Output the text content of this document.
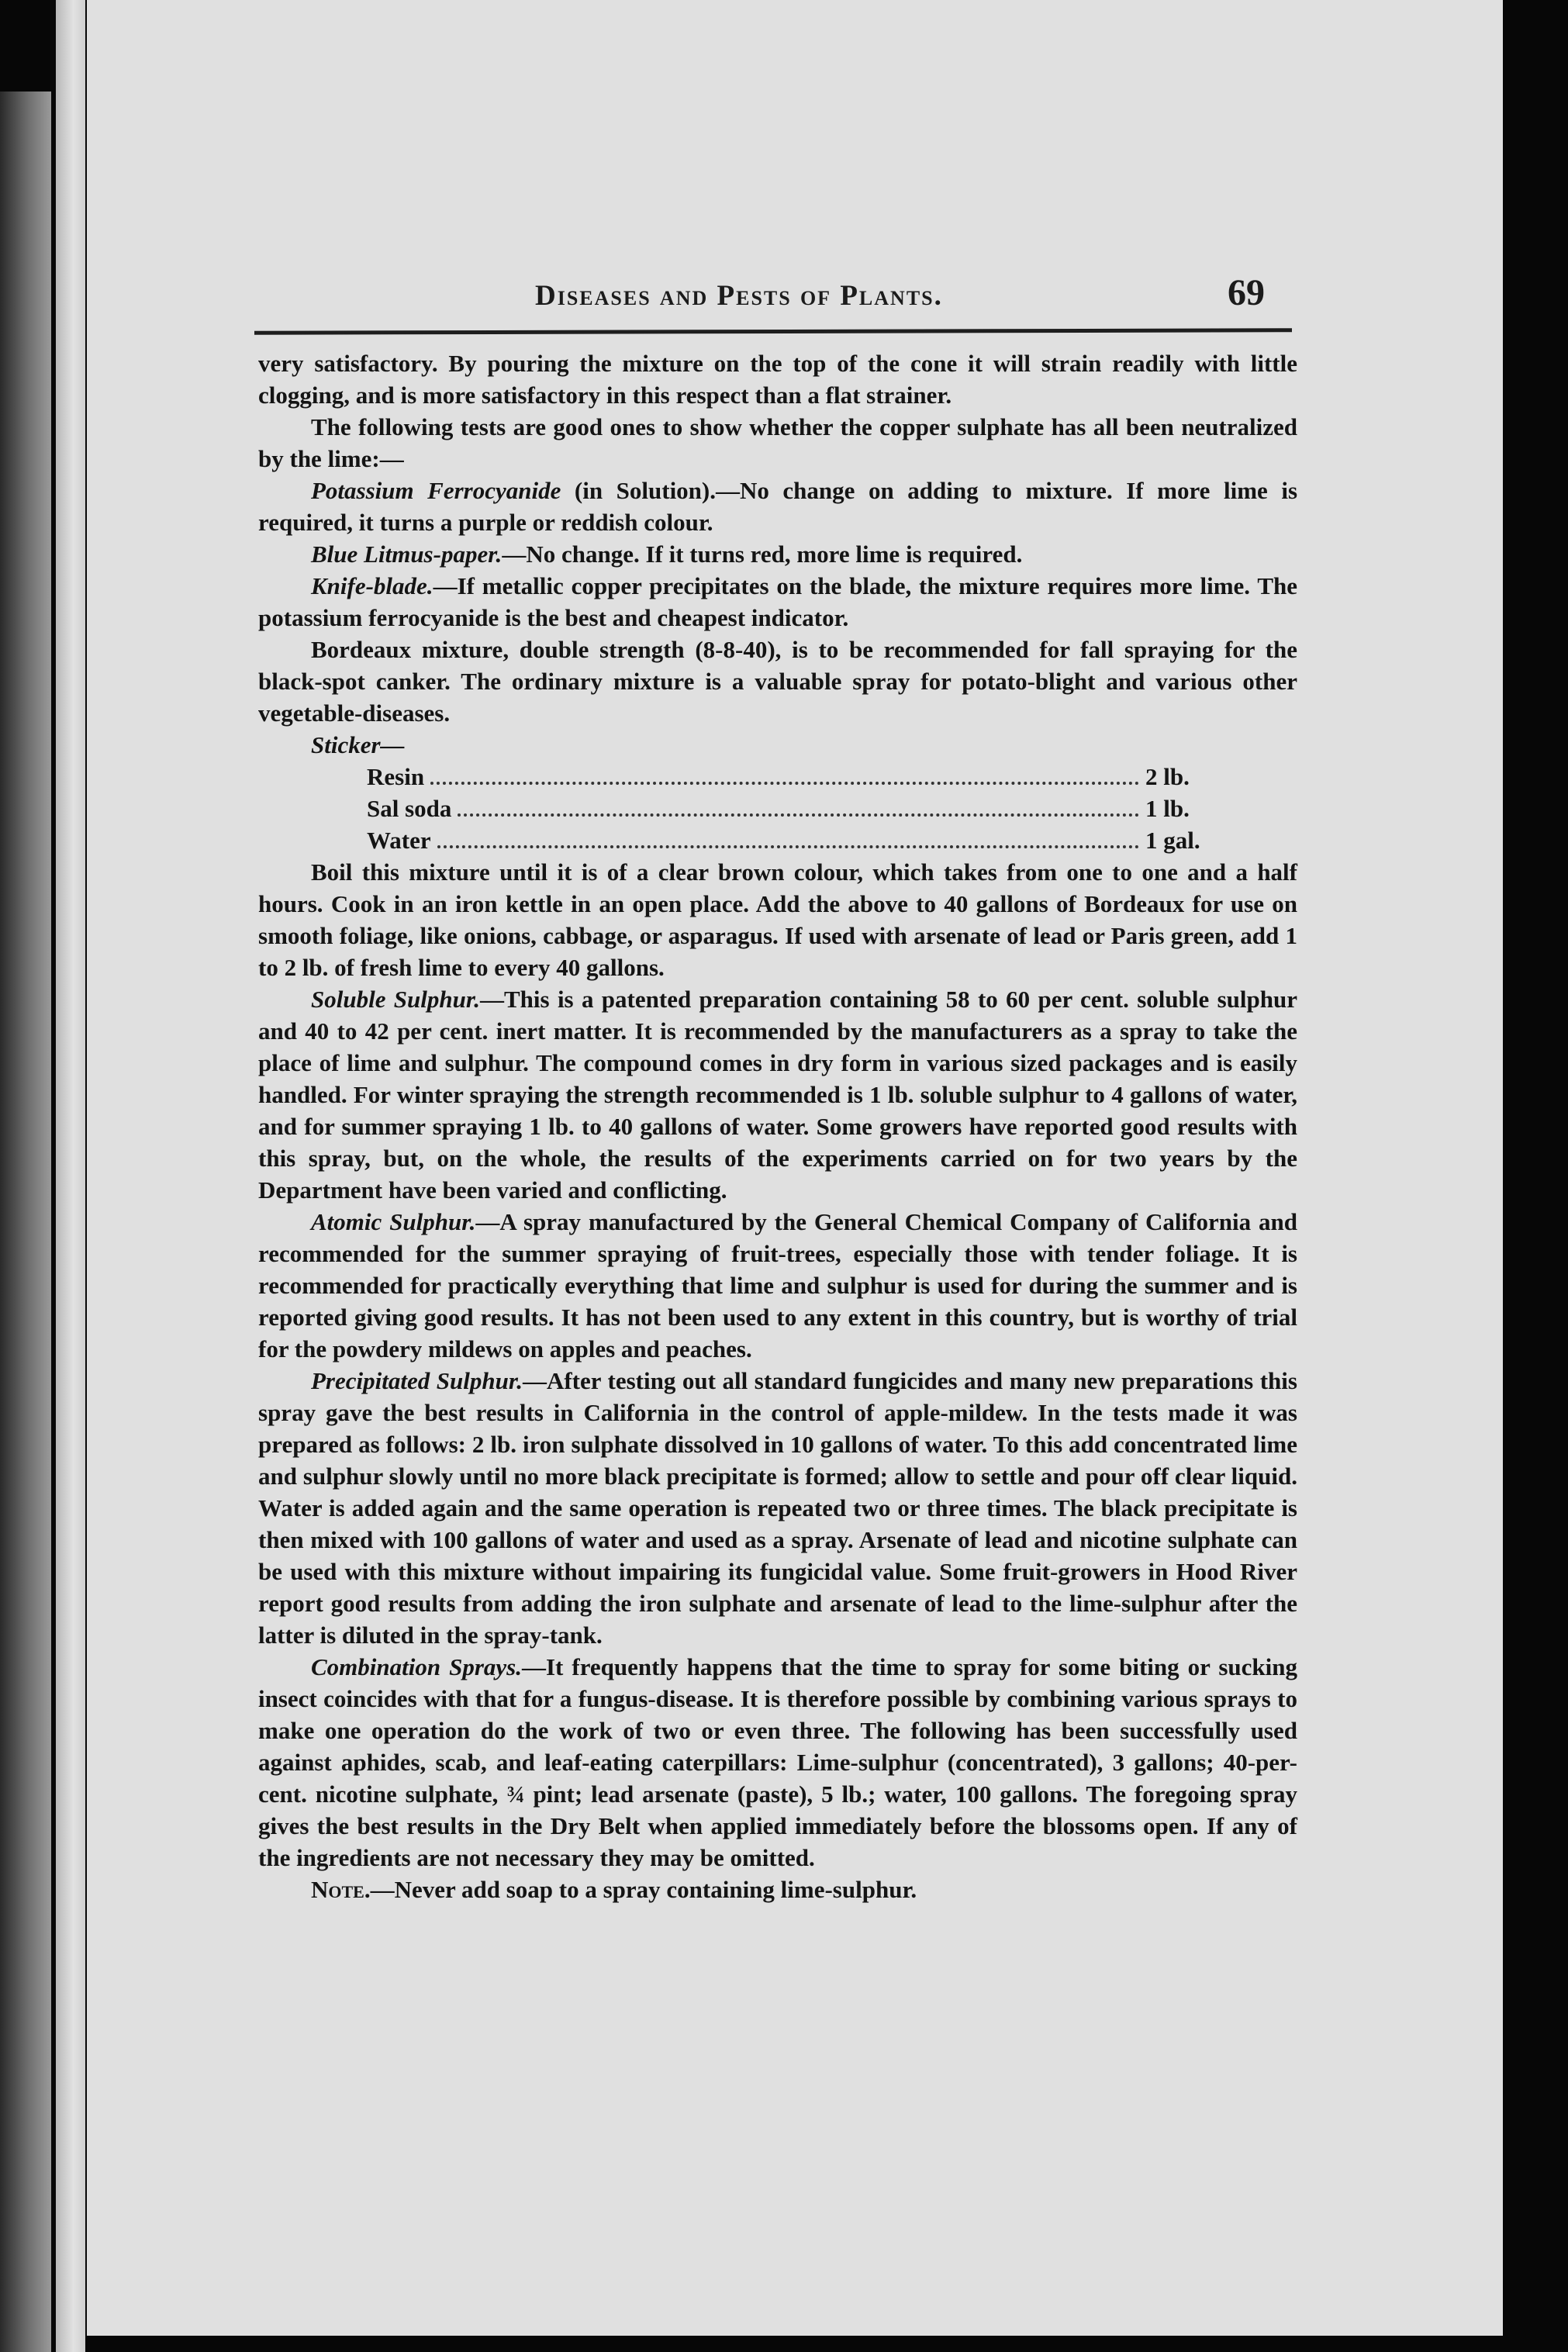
Diseases and Pests of Plants.	69

very satisfactory. By pouring the mixture on the top of the cone it will strain readily with little clogging, and is more satisfactory in this respect than a flat strainer.

The following tests are good ones to show whether the copper sulphate has all been neutralized by the lime:—

Potassium Ferrocyanide (in Solution).—No change on adding to mixture. If more lime is required, it turns a purple or reddish colour.

Blue Litmus-paper.—No change. If it turns red, more lime is required.

Knife-blade.—If metallic copper precipitates on the blade, the mixture requires more lime. The potassium ferrocyanide is the best and cheapest indicator.

Bordeaux mixture, double strength (8-8-40), is to be recommended for fall spraying for the black-spot canker. The ordinary mixture is a valuable spray for potato-blight and various other vegetable-diseases.

Sticker—

Resin	2 lb.
Sal soda	1 lb.
Water	1 gal.

Boil this mixture until it is of a clear brown colour, which takes from one to one and a half hours. Cook in an iron kettle in an open place. Add the above to 40 gallons of Bordeaux for use on smooth foliage, like onions, cabbage, or asparagus. If used with arsenate of lead or Paris green, add 1 to 2 lb. of fresh lime to every 40 gallons.

Soluble Sulphur.—This is a patented preparation containing 58 to 60 per cent. soluble sulphur and 40 to 42 per cent. inert matter. It is recommended by the manufacturers as a spray to take the place of lime and sulphur. The compound comes in dry form in various sized packages and is easily handled. For winter spraying the strength recommended is 1 lb. soluble sulphur to 4 gallons of water, and for summer spraying 1 lb. to 40 gallons of water. Some growers have reported good results with this spray, but, on the whole, the results of the experiments carried on for two years by the Department have been varied and conflicting.

Atomic Sulphur.—A spray manufactured by the General Chemical Company of California and recommended for the summer spraying of fruit-trees, especially those with tender foliage. It is recommended for practically everything that lime and sulphur is used for during the summer and is reported giving good results. It has not been used to any extent in this country, but is worthy of trial for the powdery mildews on apples and peaches.

Precipitated Sulphur.—After testing out all standard fungicides and many new preparations this spray gave the best results in California in the control of apple-mildew. In the tests made it was prepared as follows: 2 lb. iron sulphate dissolved in 10 gallons of water. To this add concentrated lime and sulphur slowly until no more black precipitate is formed; allow to settle and pour off clear liquid. Water is added again and the same operation is repeated two or three times. The black precipitate is then mixed with 100 gallons of water and used as a spray. Arsenate of lead and nicotine sulphate can be used with this mixture without impairing its fungicidal value. Some fruit-growers in Hood River report good results from adding the iron sulphate and arsenate of lead to the lime-sulphur after the latter is diluted in the spray-tank.

Combination Sprays.—It frequently happens that the time to spray for some biting or sucking insect coincides with that for a fungus-disease. It is therefore possible by combining various sprays to make one operation do the work of two or even three. The following has been successfully used against aphides, scab, and leaf-eating caterpillars: Lime-sulphur (concentrated), 3 gallons; 40-per-cent. nicotine sulphate, ¾ pint; lead arsenate (paste), 5 lb.; water, 100 gallons. The foregoing spray gives the best results in the Dry Belt when applied immediately before the blossoms open. If any of the ingredients are not necessary they may be omitted.

Note.—Never add soap to a spray containing lime-sulphur.
